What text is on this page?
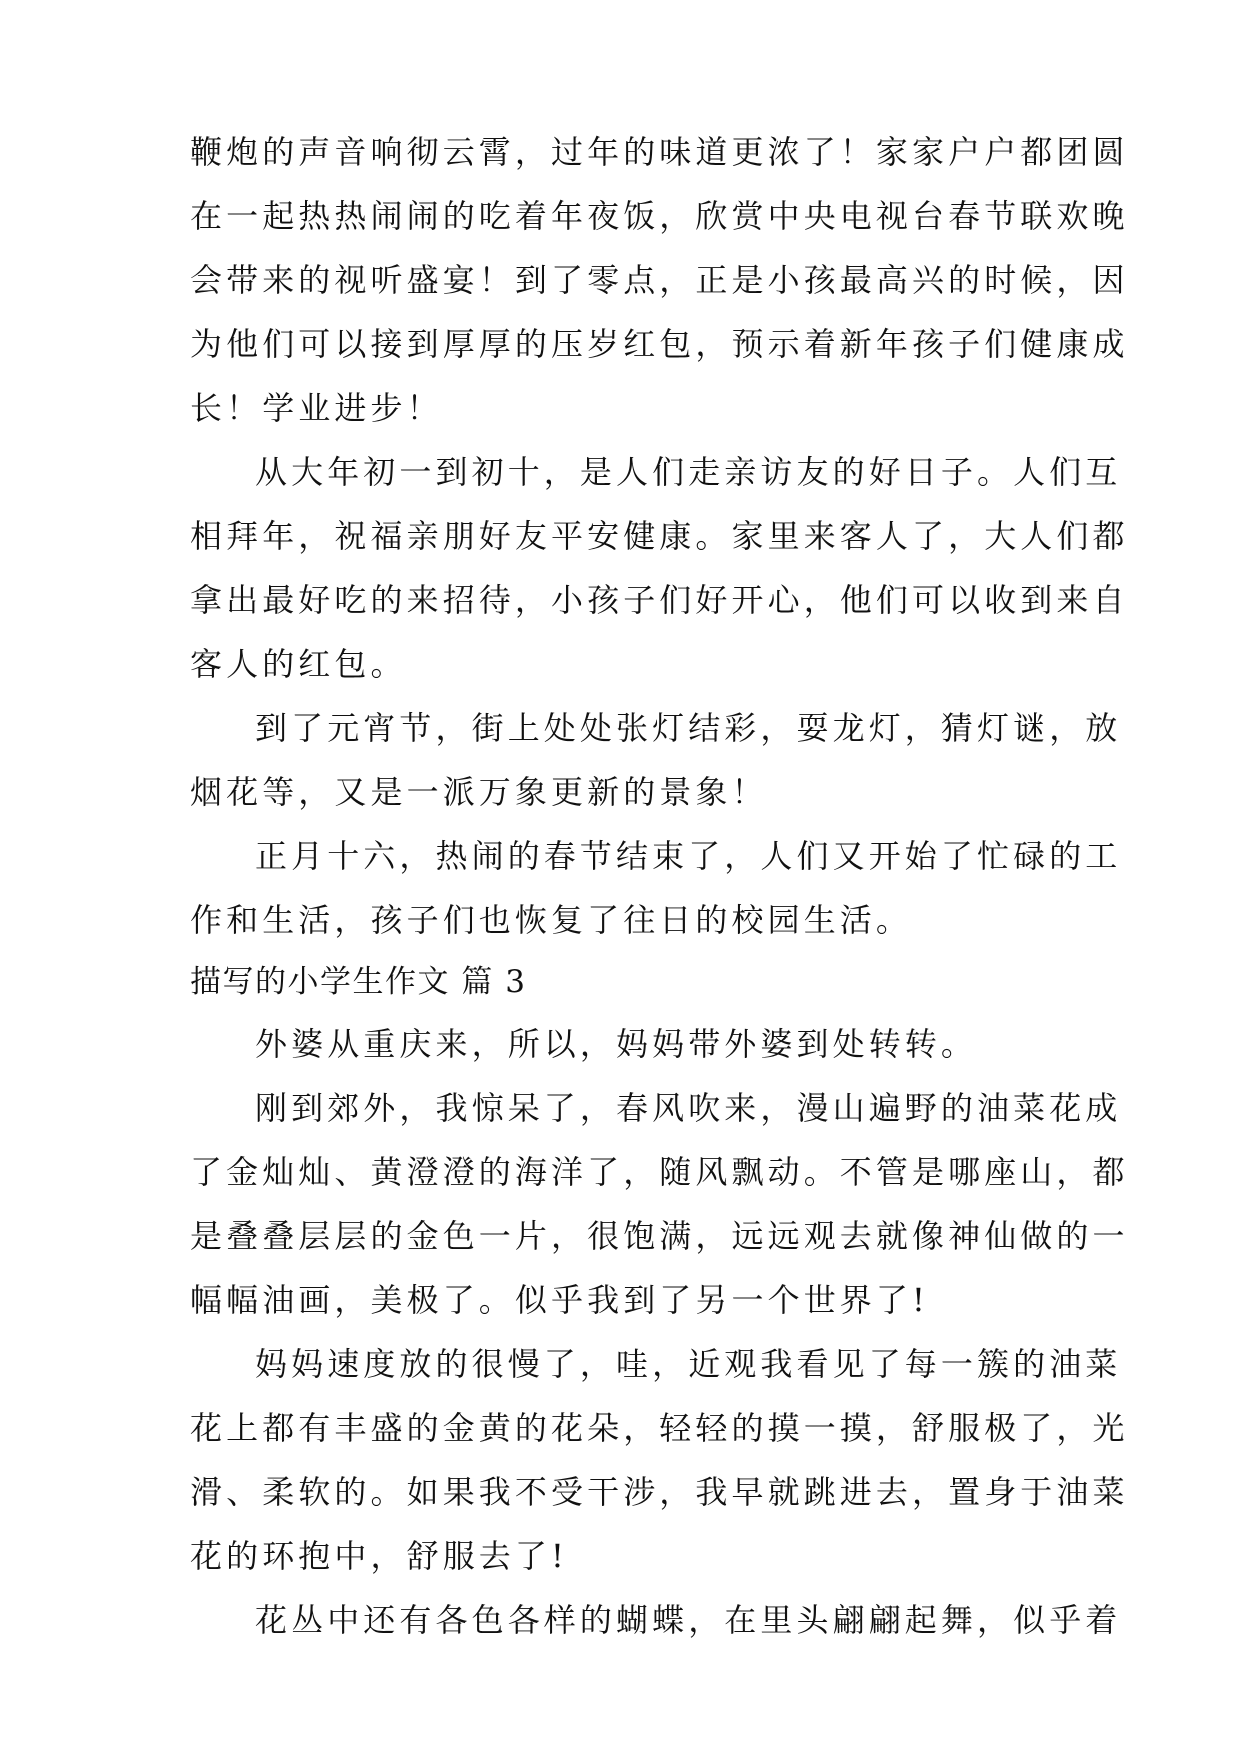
鞭炮的声音响彻云霄，过年的味道更浓了！家家户户都团圆
在一起热热闹闹的吃着年夜饭，欣赏中央电视台春节联欢晚
会带来的视听盛宴！到了零点，正是小孩最高兴的时候，因
为他们可以接到厚厚的压岁红包，预示着新年孩子们健康成
长！学业进步！
从大年初一到初十，是人们走亲访友的好日子。人们互
相拜年，祝福亲朋好友平安健康。家里来客人了，大人们都
拿出最好吃的来招待，小孩子们好开心，他们可以收到来自
客人的红包。
到了元宵节，街上处处张灯结彩，耍龙灯，猜灯谜，放
烟花等，又是一派万象更新的景象！
正月十六，热闹的春节结束了，人们又开始了忙碌的工
作和生活，孩子们也恢复了往日的校园生活。
描写的小学生作文 篇 3
外婆从重庆来，所以，妈妈带外婆到处转转。
刚到郊外，我惊呆了，春风吹来，漫山遍野的油菜花成
了金灿灿、黄澄澄的海洋了，随风飘动。不管是哪座山，都
是叠叠层层的金色一片，很饱满，远远观去就像神仙做的一
幅幅油画，美极了。似乎我到了另一个世界了!
妈妈速度放的很慢了，哇，近观我看见了每一簇的油菜
花上都有丰盛的金黄的花朵，轻轻的摸一摸，舒服极了，光
滑、柔软的。如果我不受干涉，我早就跳进去，置身于油菜
花的环抱中，舒服去了!
花丛中还有各色各样的蝴蝶，在里头翩翩起舞，似乎着
